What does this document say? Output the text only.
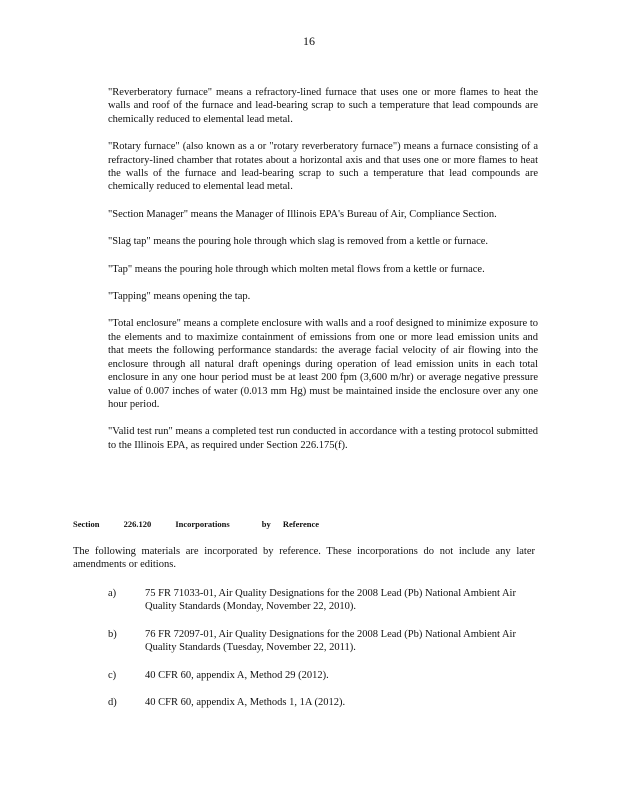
16

"Reverberatory furnace" means a refractory-lined furnace that uses one or more flames to heat the walls and roof of the furnace and lead-bearing scrap to such a temperature that lead compounds are chemically reduced to elemental lead metal.

"Rotary furnace" (also known as a or "rotary reverberatory furnace") means a furnace consisting of a refractory-lined chamber that rotates about a horizontal axis and that uses one or more flames to heat the walls of the furnace and lead-bearing scrap to such a temperature that lead compounds are chemically reduced to elemental lead metal.

"Section Manager" means the Manager of Illinois EPA's Bureau of Air, Compliance Section.

"Slag tap" means the pouring hole through which slag is removed from a kettle or furnace.

"Tap" means the pouring hole through which molten metal flows from a kettle or furnace.

"Tapping" means opening the tap.

"Total enclosure" means a complete enclosure with walls and a roof designed to minimize exposure to the elements and to maximize containment of emissions from one or more lead emission units and that meets the following performance standards: the average facial velocity of air flowing into the enclosure through all natural draft openings during operation of lead emission units in each total enclosure in any one hour period must be at least 200 fpm (3,600 m/hr) or average negative pressure value of 0.007 inches of water (0.013 mm Hg) must be maintained inside the enclosure over any one hour period.

"Valid test run" means a completed test run conducted in accordance with a testing protocol submitted to the Illinois EPA, as required under Section 226.175(f).

Section	226.120	Incorporations	by Reference

The following materials are incorporated by reference. These incorporations do not include any later amendments or editions.

a)	75 FR 71033-01, Air Quality Designations for the 2008 Lead (Pb) National Ambient Air Quality Standards (Monday, November 22, 2010).
b)	76 FR 72097-01, Air Quality Designations for the 2008 Lead (Pb) National Ambient Air Quality Standards (Tuesday, November 22, 2011).
c)	40 CFR 60, appendix A, Method 29 (2012).
d)	40 CFR 60, appendix A, Methods 1, 1A (2012).
